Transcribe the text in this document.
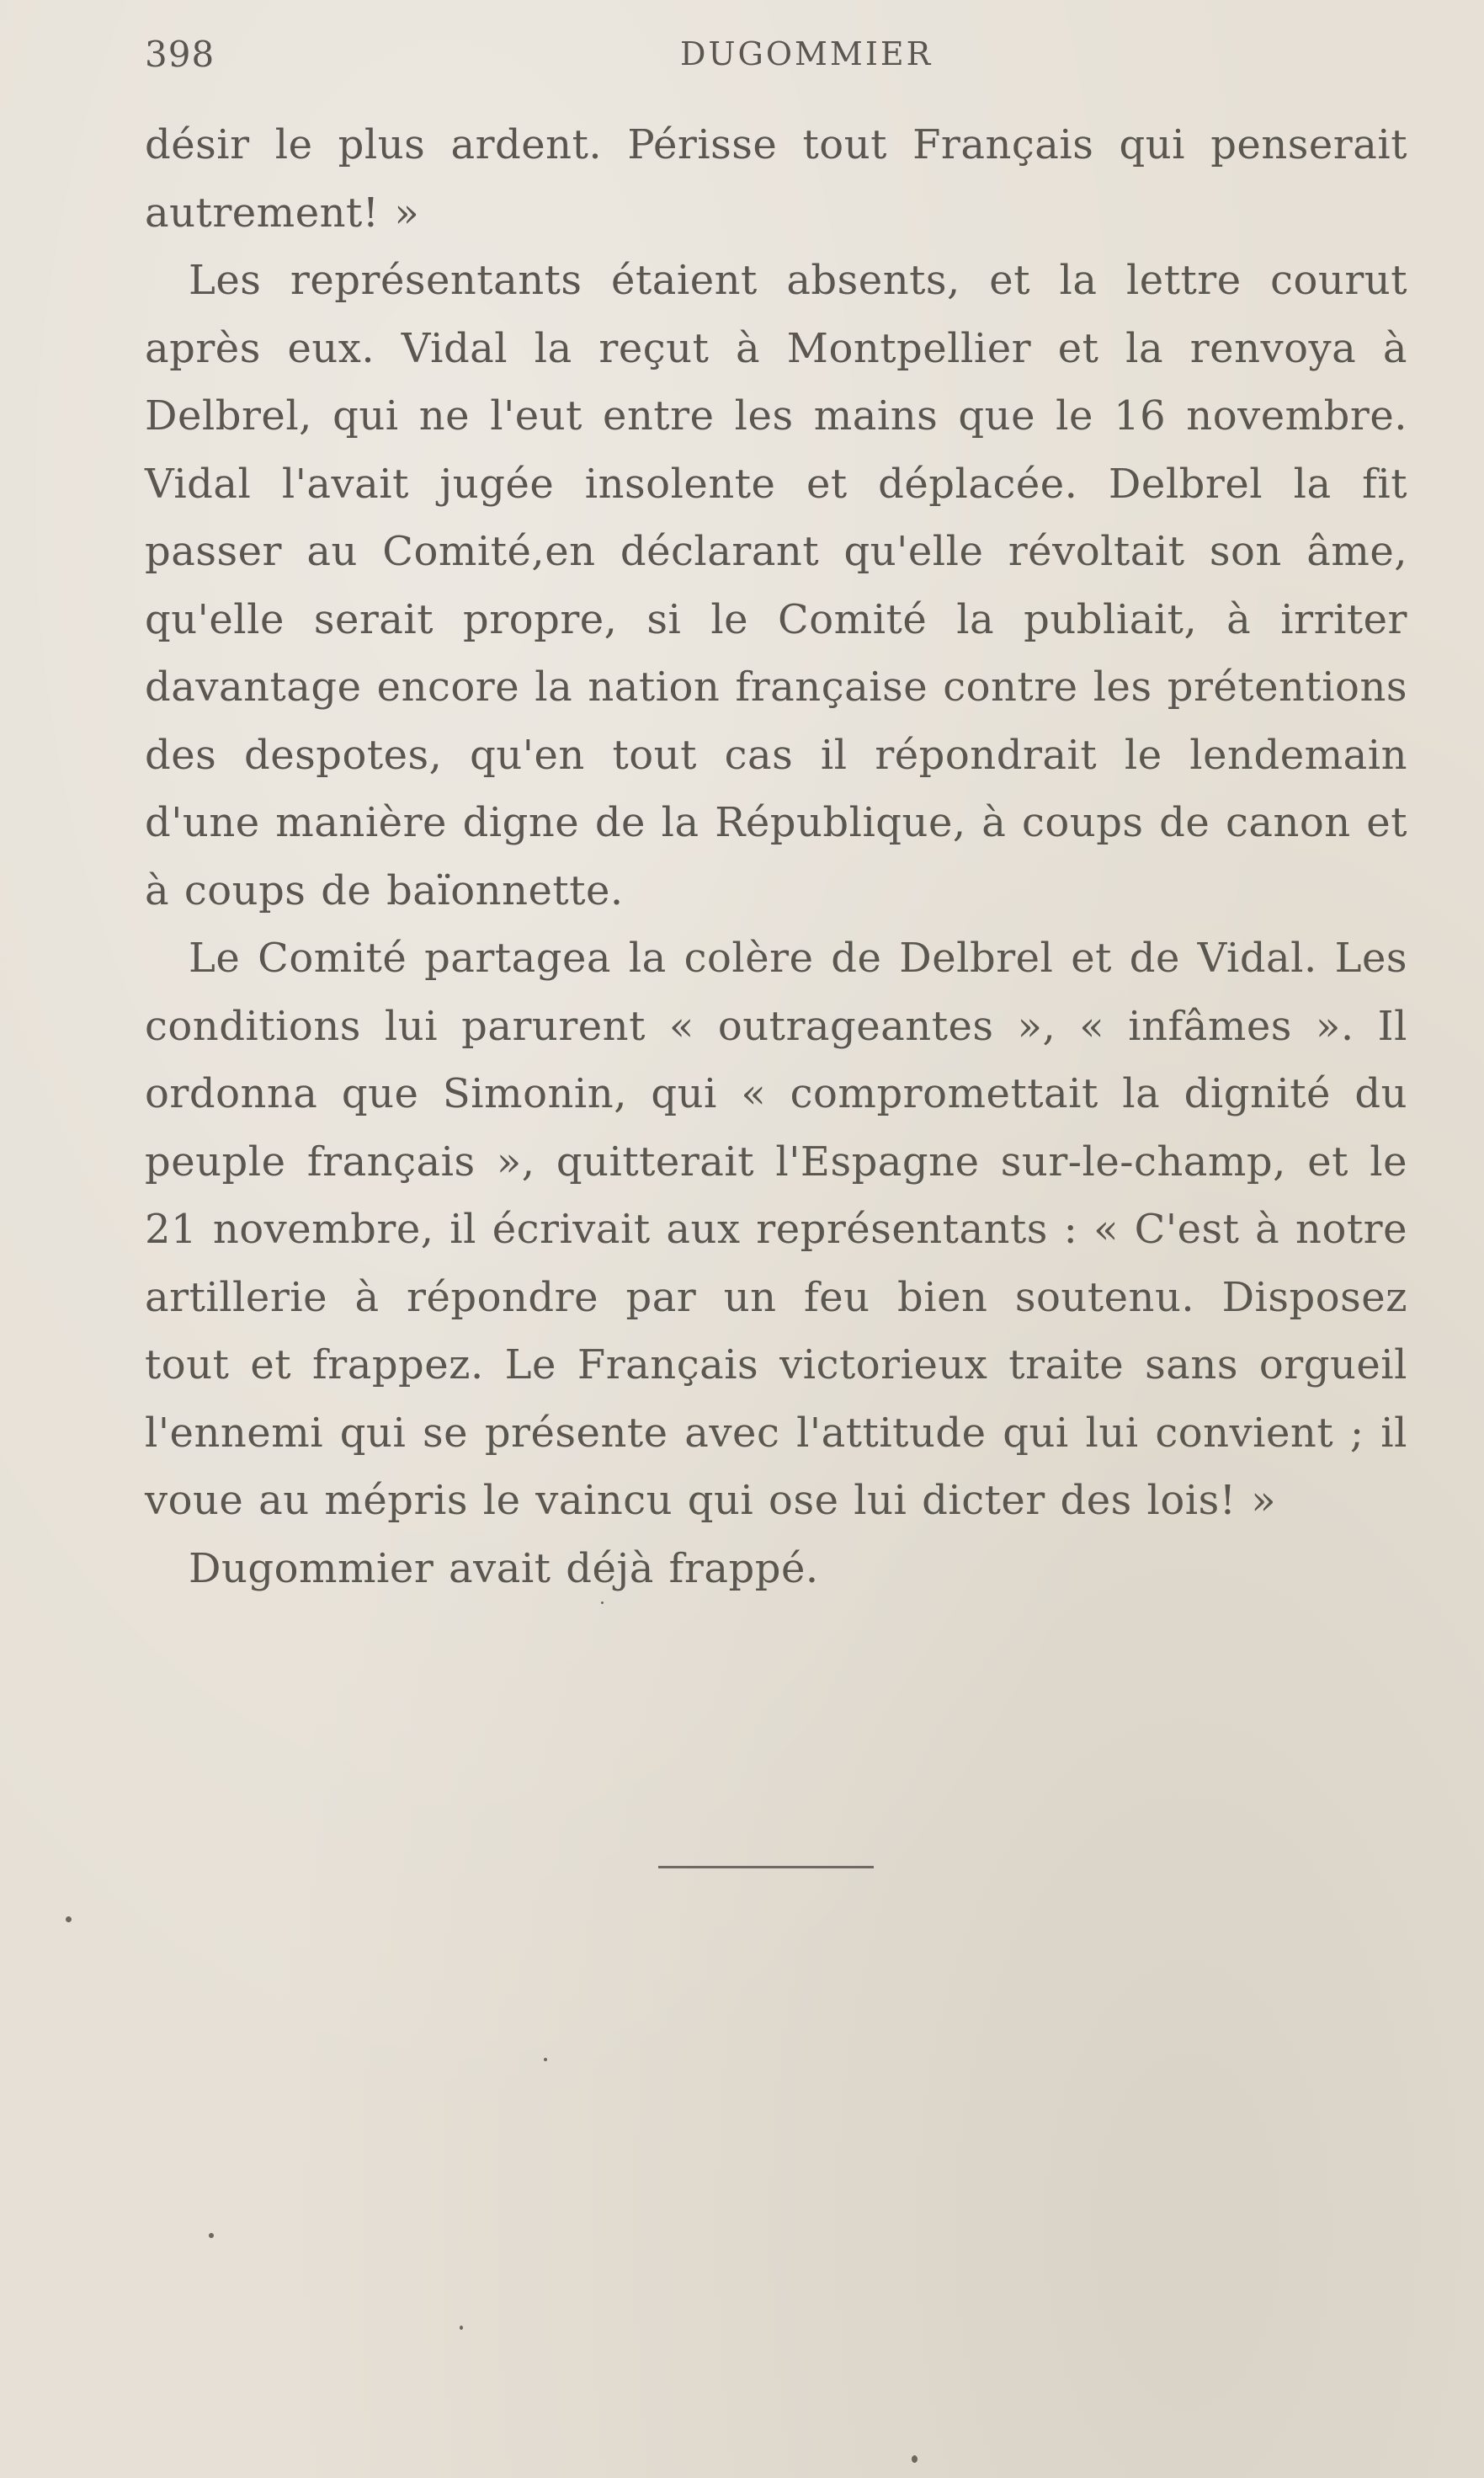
398	DUGOMMIER

désir le plus ardent. Périsse tout Français qui penserait autrement! »

Les représentants étaient absents, et la lettre courut après eux. Vidal la reçut à Montpellier et la renvoya à Delbrel, qui ne l'eut entre les mains que le 16 novembre. Vidal l'avait jugée insolente et déplacée. Delbrel la fit passer au Comité,en déclarant qu'elle révoltait son âme, qu'elle serait propre, si le Comité la publiait, à irriter davantage encore la nation française contre les prétentions des despotes, qu'en tout cas il répondrait le lendemain d'une manière digne de la République, à coups de canon et à coups de baïonnette.

Le Comité partagea la colère de Delbrel et de Vidal. Les conditions lui parurent « outrageantes », « infâmes ». Il ordonna que Simonin, qui « compromettait la dignité du peuple français », quitterait l'Espagne sur-le-champ, et le 21 novembre, il écrivait aux représentants : « C'est à notre artillerie à répondre par un feu bien soutenu. Disposez tout et frappez. Le Français victorieux traite sans orgueil l'ennemi qui se présente avec l'attitude qui lui convient ; il voue au mépris le vaincu qui ose lui dicter des lois! »

Dugommier avait déjà frappé.
